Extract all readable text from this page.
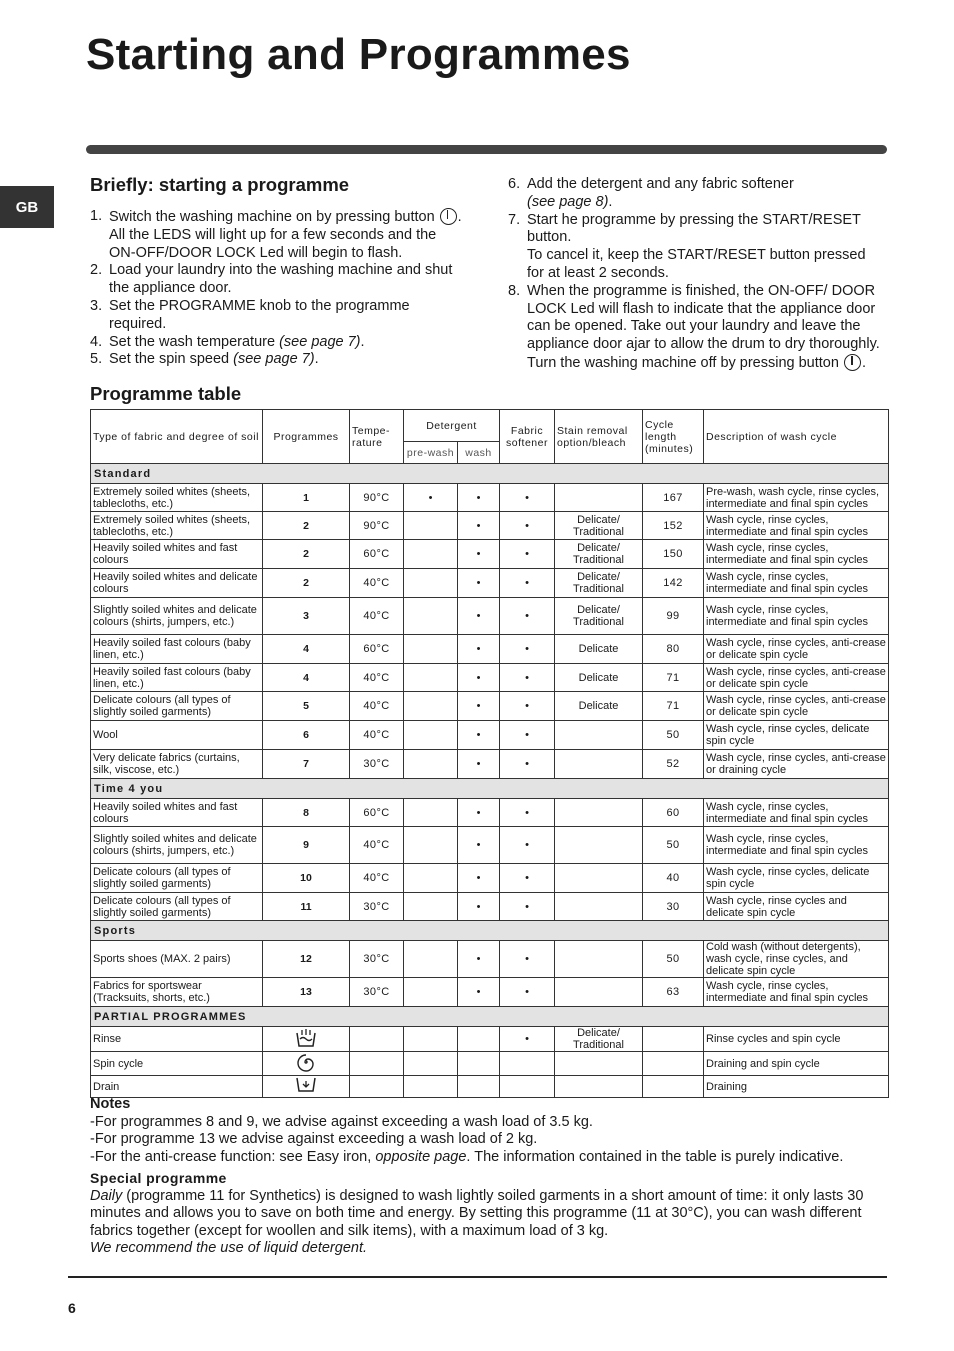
Starting and Programmes
GB
Briefly: starting a programme
1. Switch the washing machine on by pressing button . All the LEDS will light up for a few seconds and the ON-OFF/DOOR LOCK Led will begin to flash.
2. Load your laundry into the washing machine and shut the appliance door.
3. Set the PROGRAMME knob to the programme required.
4. Set the wash temperature (see page 7).
5. Set the spin speed (see page 7).
6. Add the detergent and any fabric softener
(see page 8).
7. Start he programme by pressing the START/RESET button.
To cancel it, keep the START/RESET button pressed for at least 2 seconds.
8. When the programme is finished, the ON-OFF/ DOOR LOCK Led will flash to indicate that the appliance door can be opened. Take out your laundry and leave the appliance door ajar to allow the drum to dry thoroughly. Turn the washing machine off by pressing button .
Programme table
Type of fabric and degree of soil	Programmes	Tempe-rature	Detergent		Fabric softener	Stain removal option/bleach	Cycle length (minutes)	Description of wash cycle
			pre-wash	wash				
Standard								
Extremely soiled whites (sheets, tablecloths, etc.)	1	90°C	•	•	•		167	Pre-wash, wash cycle, rinse cycles, intermediate and final spin cycles
Extremely soiled whites (sheets, tablecloths, etc.)	2	90°C		•	•	Delicate/ Traditional	152	Wash cycle, rinse cycles, intermediate and final spin cycles
Heavily soiled whites and fast colours	2	60°C		•	•	Delicate/ Traditional	150	Wash cycle, rinse cycles, intermediate and final spin cycles
Heavily soiled whites and delicate colours	2	40°C		•	•	Delicate/ Traditional	142	Wash cycle, rinse cycles, intermediate and final spin cycles
Slightly soiled whites and delicate colours (shirts, jumpers, etc.)	3	40°C		•	•	Delicate/ Traditional	99	Wash cycle, rinse cycles, intermediate and final spin cycles
Heavily soiled fast colours (baby linen, etc.)	4	60°C		•	•	Delicate	80	Wash cycle, rinse cycles, anti-crease or delicate spin cycle
Heavily soiled fast colours (baby linen, etc.)	4	40°C		•	•	Delicate	71	Wash cycle, rinse cycles, anti-crease or delicate spin cycle
Delicate colours (all types of slightly soiled garments)	5	40°C		•	•	Delicate	71	Wash cycle, rinse cycles, anti-crease or delicate spin cycle
Wool	6	40°C		•	•		50	Wash cycle, rinse cycles, delicate spin cycle
Very delicate fabrics (curtains, silk, viscose, etc.)	7	30°C		•	•		52	Wash cycle, rinse cycles, anti-crease or draining cycle
Time 4 you								
Heavily soiled whites and fast colours	8	60°C		•	•		60	Wash cycle, rinse cycles, intermediate and final spin cycles
Slightly soiled whites and delicate colours (shirts, jumpers, etc.)	9	40°C		•	•		50	Wash cycle, rinse cycles, intermediate and final spin cycles
Delicate colours (all types of slightly soiled garments)	10	40°C		•	•		40	Wash cycle, rinse cycles, delicate spin cycle
Delicate colours (all types of slightly soiled garments)	11	30°C		•	•		30	Wash cycle, rinse cycles and delicate spin cycle
Sports								
Sports shoes (MAX. 2 pairs)	12	30°C		•	•		50	Cold wash (without detergents), wash cycle, rinse cycles, and delicate spin cycle
Fabrics for sportswear (Tracksuits, shorts, etc.)	13	30°C		•	•		63	Wash cycle, rinse cycles, intermediate and final spin cycles
PARTIAL PROGRAMMES								
Rinse					•	Delicate/ Traditional		Rinse cycles and spin cycle
Spin cycle								Draining and spin cycle
Drain								Draining
Notes
-For programmes 8 and 9, we advise against exceeding a wash load of 3.5 kg.
-For programme 13 we advise against exceeding a wash load of 2 kg.
-For the anti-crease function: see Easy iron, opposite page. The information contained in the table is purely indicative.
Special programme
Daily (programme 11 for Synthetics) is designed to wash lightly soiled garments in a short amount of time: it only lasts 30 minutes and allows you to save on both time and energy. By setting this programme (11 at 30°C), you can wash different fabrics together (except for woollen and silk items), with a maximum load of 3 kg.
We recommend the use of liquid detergent.
6
